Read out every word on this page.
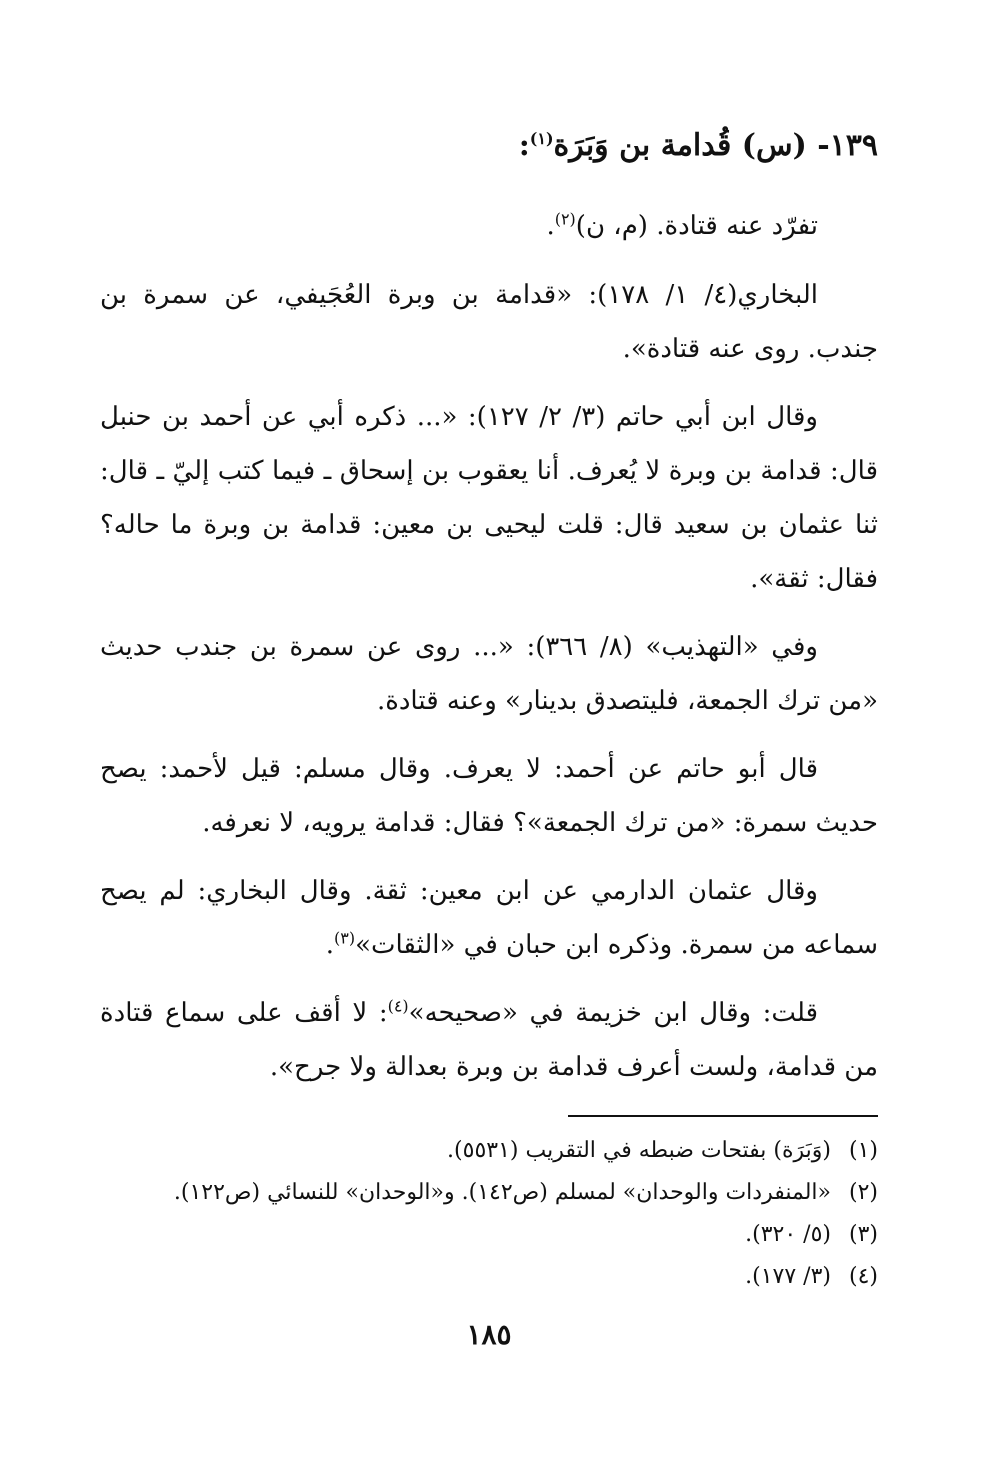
١٣٩- (س) قُدامة بن وَبَرَة$^{(١)}$:
تفرّد عنه قتادة. (م، ن)$^{(٢)}$.

البخاري(٤/ ١/ ١٧٨): «قدامة بن وبرة العُجَيفي، عن سمرة بن جندب. روى عنه قتادة».

وقال ابن أبي حاتم (٣/ ٢/ ١٢٧): «... ذكره أبي عن أحمد بن حنبل قال: قدامة بن وبرة لا يُعرف. أنا يعقوب بن إسحاق ـ فيما كتب إليّ ـ قال: ثنا عثمان بن سعيد قال: قلت ليحيى بن معين: قدامة بن وبرة ما حاله؟ فقال: ثقة».

وفي «التهذيب» (٨/ ٣٦٦): «... روى عن سمرة بن جندب حديث «من ترك الجمعة، فليتصدق بدينار» وعنه قتادة.

قال أبو حاتم عن أحمد: لا يعرف. وقال مسلم: قيل لأحمد: يصح حديث سمرة: «من ترك الجمعة»؟ فقال: قدامة يرويه، لا نعرفه.

وقال عثمان الدارمي عن ابن معين: ثقة. وقال البخاري: لم يصح سماعه من سمرة. وذكره ابن حبان في «الثقات»$^{(٣)}$.

قلت: وقال ابن خزيمة في «صحيحه»$^{(٤)}$: لا أقف على سماع قتادة من قدامة، ولست أعرف قدامة بن وبرة بعدالة ولا جرح».

(١) (وَبَرَة) بفتحات ضبطه في التقريب (٥٥٣١).
(٢) «المنفردات والوحدان» لمسلم (ص١٤٢). و«الوحدان» للنسائي (ص١٢٢).
(٣) (٥/ ٣٢٠).
(٤) (٣/ ١٧٧).
١٨٥
